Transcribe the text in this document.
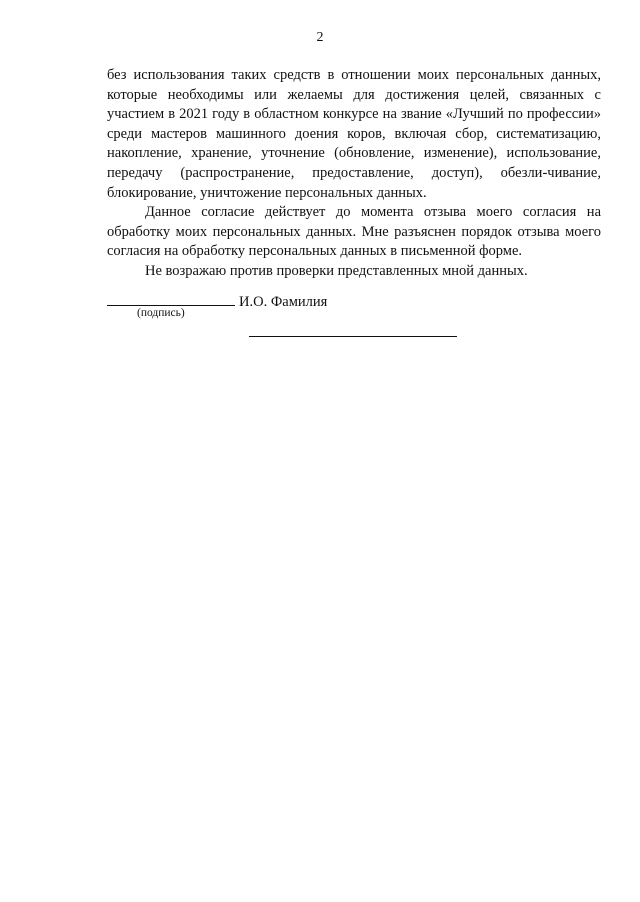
2

без использования таких средств в отношении моих персональных данных, которые необходимы или желаемы для достижения целей, связанных с участием в 2021 году в областном конкурсе на звание «Лучший по профессии» среди мастеров машинного доения коров, включая сбор, систематизацию, накопление, хранение, уточнение (обновление, изменение), использование, передачу (распространение, предоставление, доступ), обезли-чивание, блокирование, уничтожение персональных данных.

Данное согласие действует до момента отзыва моего согласия на обработку моих персональных данных. Мне разъяснен порядок отзыва моего согласия на обработку персональных данных в письменной форме.

Не возражаю против проверки представленных мной данных.

И.О. Фамилия
(подпись)
